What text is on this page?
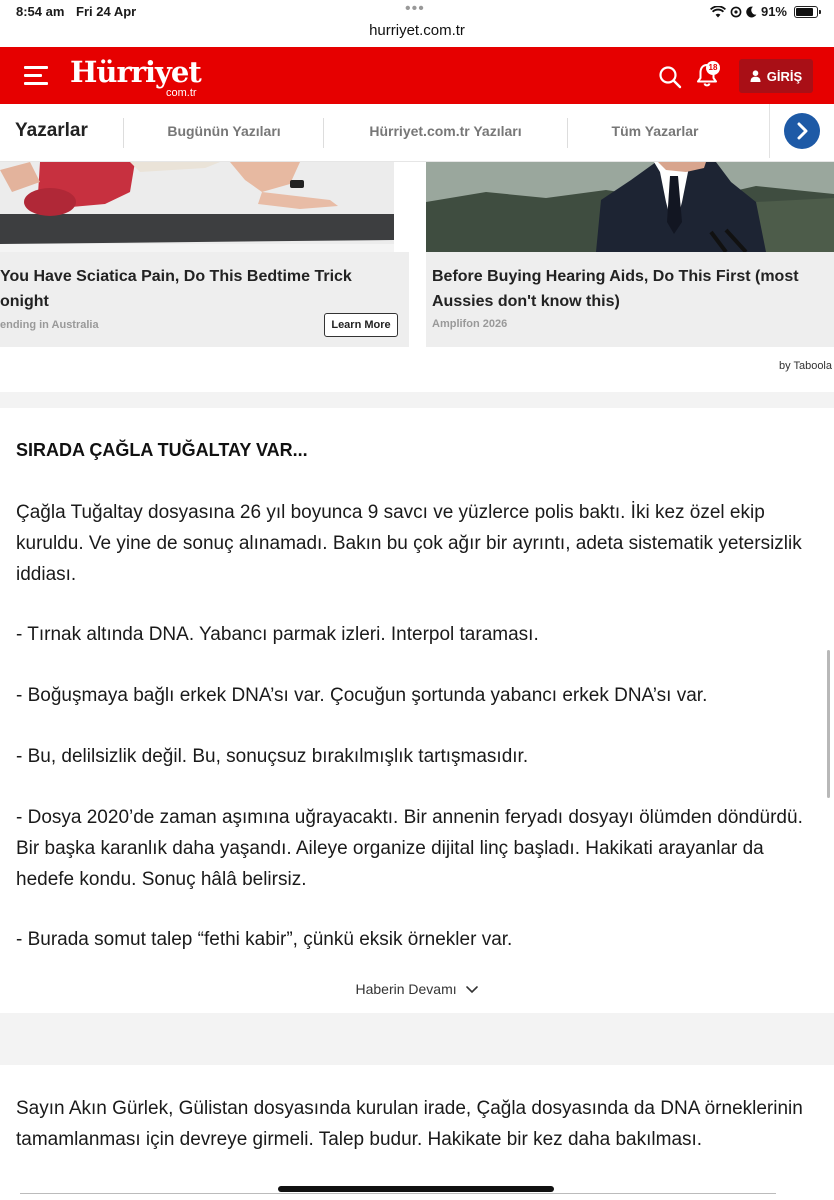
8:54 am Fri 24 Apr	•••
hurriyet.com.tr
91%
Hürriyet
com.tr
18
GİRİŞ
Yazarlar	Bugünün Yazıları	Hürriyet.com.tr Yazıları	Tüm Yazarlar
You Have Sciatica Pain, Do This Bedtime Trick
onight
ending in Australia	Learn More
Before Buying Hearing Aids, Do This First (most
Aussies don't know this)
Amplifon 2026
by Taboola
SIRADA ÇAĞLA TUĞALTAY VAR...
Çağla Tuğaltay dosyasına 26 yıl boyunca 9 savcı ve yüzlerce polis baktı. İki kez özel ekip kuruldu. Ve yine de sonuç alınamadı. Bakın bu çok ağır bir ayrıntı, adeta sistematik yetersizlik iddiası.
- Tırnak altında DNA. Yabancı parmak izleri. Interpol taraması.
- Boğuşmaya bağlı erkek DNA’sı var. Çocuğun şortunda yabancı erkek DNA’sı var.
- Bu, delilsizlik değil. Bu, sonuçsuz bırakılmışlık tartışmasıdır.
- Dosya 2020’de zaman aşımına uğrayacaktı. Bir annenin feryadı dosyayı ölümden döndürdü. Bir başka karanlık daha yaşandı. Aileye organize dijital linç başladı. Hakikati arayanlar da hedefe kondu. Sonuç hâlâ belirsiz.
- Burada somut talep “fethi kabir”, çünkü eksik örnekler var.
Haberin Devamı
Sayın Akın Gürlek, Gülistan dosyasında kurulan irade, Çağla dosyasında da DNA örneklerinin tamamlanması için devreye girmeli. Talep budur. Hakikate bir kez daha bakılması.
